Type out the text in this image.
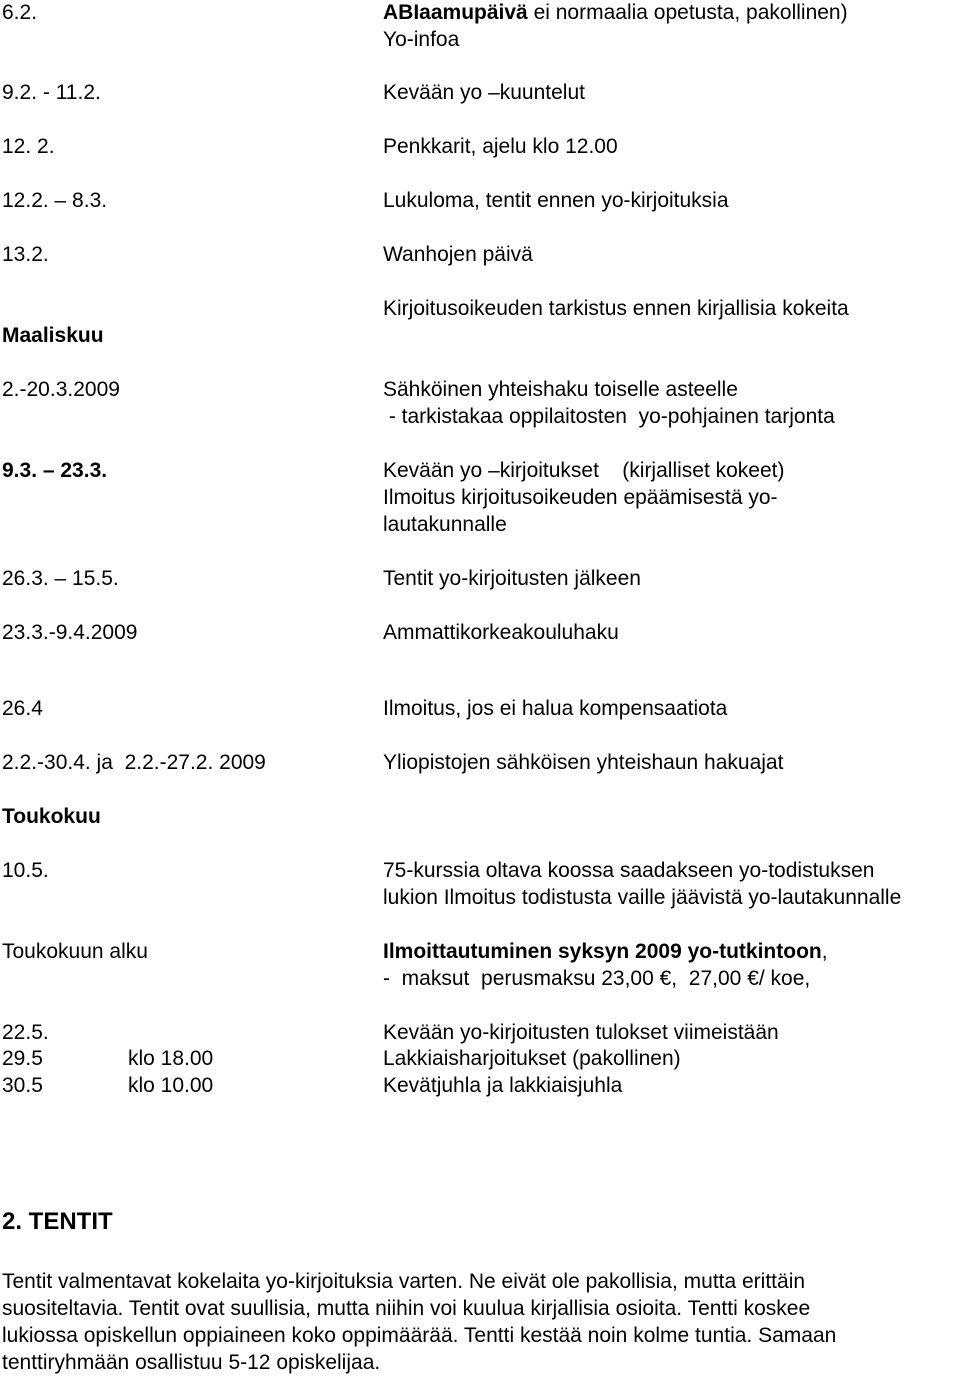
6.2.	ABIaamupäivä ei normaalia opetusta, pakollinen)
Yo-infoa
9.2. - 11.2.	Kevään yo –kuuntelut
12. 2.	Penkkarit, ajelu klo 12.00
12.2. – 8.3.	Lukuloma, tentit ennen yo-kirjoituksia
13.2.	Wanhojen päivä
Kirjoitusoikeuden tarkistus ennen kirjallisia kokeita
Maaliskuu
2.-20.3.2009	Sähköinen yhteishaku toiselle asteelle
- tarkistakaa oppilaitosten  yo-pohjainen tarjonta
9.3. – 23.3.	Kevään yo –kirjoitukset    (kirjalliset kokeet)
Ilmoitus kirjoitusoikeuden epäämisestä yo-
lautakunnalle
26.3. – 15.5.	Tentit yo-kirjoitusten jälkeen
23.3.-9.4.2009	Ammattikorkeakouluhaku
26.4	Ilmoitus, jos ei halua kompensaatiota
2.2.-30.4. ja  2.2.-27.2. 2009	Yliopistojen sähköisen yhteishaun hakuajat
Toukokuu
10.5.	75-kurssia oltava koossa saadakseen yo-todistuksen
lukion Ilmoitus todistusta vaille jäävistä yo-lautakunnalle
Toukokuun alku	Ilmoittautuminen syksyn 2009 yo-tutkintoon,
-  maksut  perusmaksu 23,00 €,  27,00 €/ koe,
22.5.	Kevään yo-kirjoitusten tulokset viimeistään
29.5	klo 18.00	Lakkiaisharjoitukset (pakollinen)
30.5	klo 10.00	Kevätjuhla ja lakkiaisjuhla
2. TENTIT
Tentit valmentavat kokelaita yo-kirjoituksia varten. Ne eivät ole pakollisia, mutta erittäin
suositeltavia. Tentit ovat suullisia, mutta niihin voi kuulua kirjallisia osioita. Tentti koskee
lukiossa opiskellun oppiaineen koko oppimäärää. Tentti kestää noin kolme tuntia. Samaan
tenttiryhmään osallistuu 5-12 opiskelijaa.
